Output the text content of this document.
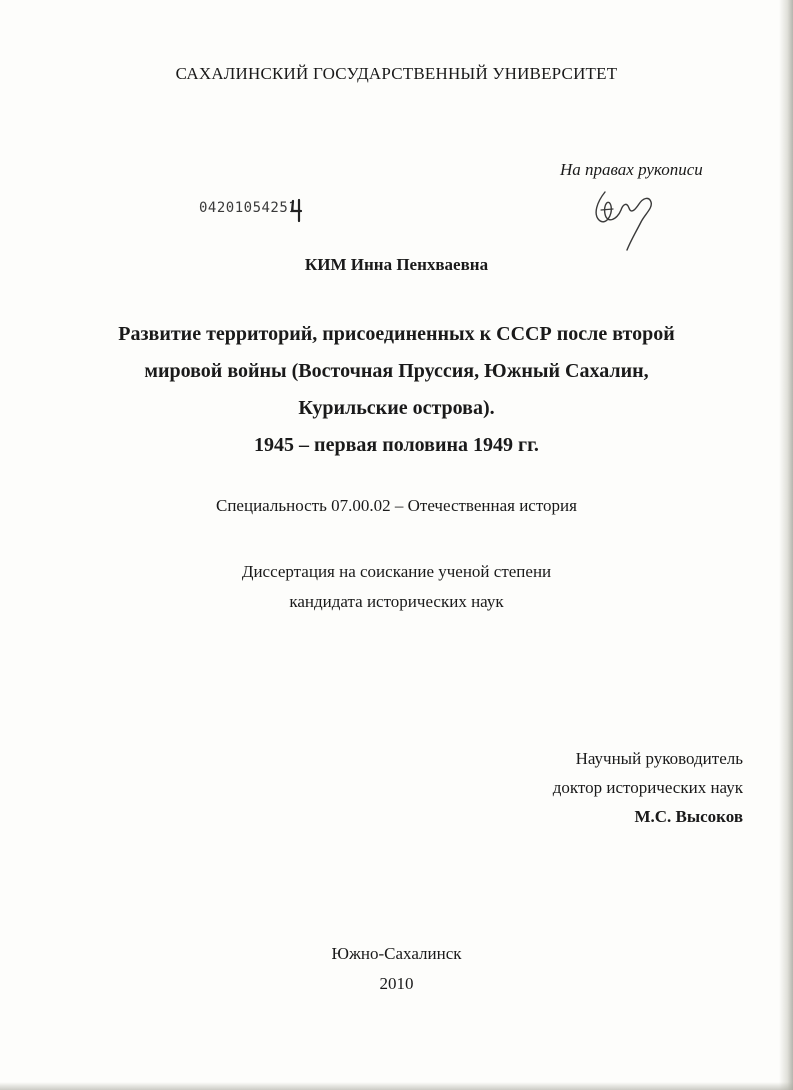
САХАЛИНСКИЙ ГОСУДАРСТВЕННЫЙ УНИВЕРСИТЕТ
На правах рукописи
04201054251
КИМ Инна Пенхваевна
Развитие территорий, присоединенных к СССР после второй
мировой войны (Восточная Пруссия, Южный Сахалин,
Курильские острова).
1945 – первая половина 1949 гг.
Специальность 07.00.02 – Отечественная история
Диссертация на соискание ученой степени
кандидата исторических наук
Научный руководитель
доктор исторических наук
М.С. Высоков
Южно-Сахалинск
2010
